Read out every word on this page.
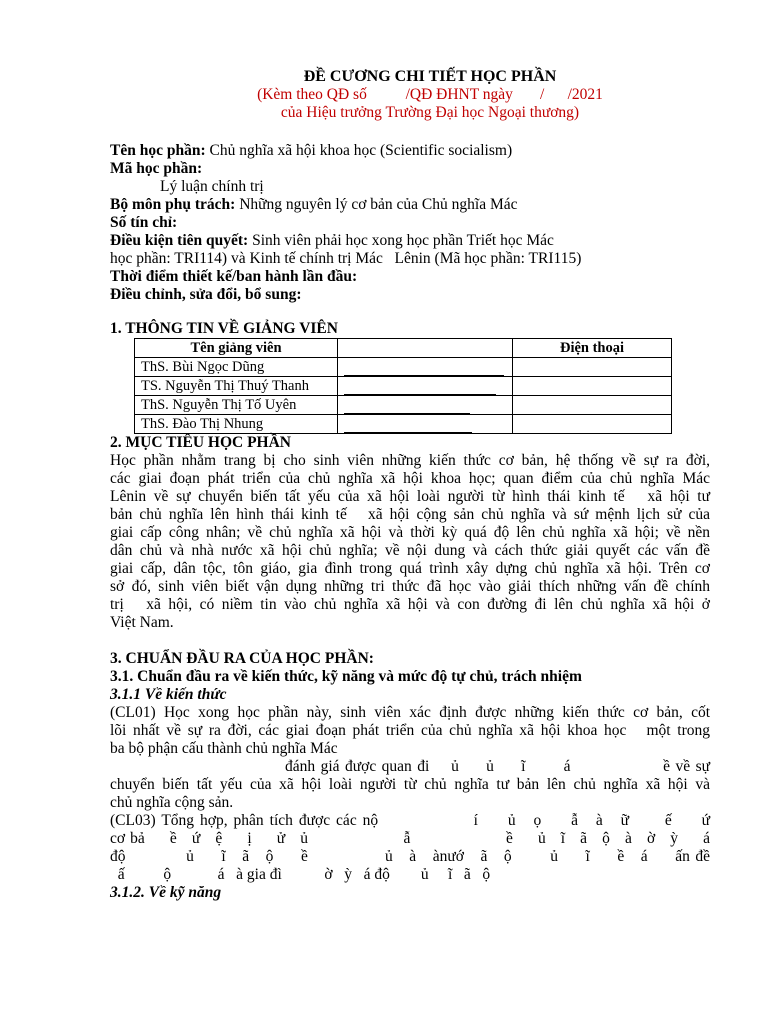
ĐỀ CƯƠNG CHI TIẾT HỌC PHẦN
(Kèm theo QĐ số          /QĐ ĐHNT ngày       /      /2021
của Hiệu trưởng Trường Đại học Ngoại thương)
Tên học phần: Chủ nghĩa xã hội khoa học (Scientific socialism)
Mã học phần:
Lý luận chính trị
Bộ môn phụ trách: Những nguyên lý cơ bản của Chủ nghĩa Mác
Số tín chỉ:
Điều kiện tiên quyết: Sinh viên phải học xong học phần Triết học Mác
học phần: TRI114) và Kinh tế chính trị Mác   Lênin (Mã học phần: TRI115)
Thời điểm thiết kế/ban hành lần đầu:
Điều chỉnh, sửa đổi, bổ sung:
1. THÔNG TIN VỀ GIẢNG VIÊN
Tên giảng viên		Điện thoại
ThS. Bùi Ngọc Dũng		
TS. Nguyễn Thị Thuý Thanh		
ThS. Nguyễn Thị Tố Uyên		
ThS. Đào Thị Nhung		
2. MỤC TIÊU HỌC PHẦN
Học phần nhằm trang bị cho sinh viên những kiến thức cơ bản, hệ thống về sự ra đời,
các giai đoạn phát triển của chủ nghĩa xã hội khoa học; quan điểm của chủ nghĩa Mác
Lênin về sự chuyển biến tất yếu của xã hội loài người từ hình thái kinh tế   xã hội tư
bản chủ nghĩa lên hình thái kinh tế   xã hội cộng sản chủ nghĩa và sứ mệnh lịch sử của
giai cấp công nhân; về chủ nghĩa xã hội và thời kỳ quá độ lên chủ nghĩa xã hội; về nền
dân chủ và nhà nước xã hội chủ nghĩa; về nội dung và cách thức giải quyết các vấn đề
giai cấp, dân tộc, tôn giáo, gia đình trong quá trình xây dựng chủ nghĩa xã hội. Trên cơ
sở đó, sinh viên biết vận dụng những tri thức đã học vào giải thích những vấn đề chính
trị   xã hội, có niềm tin vào chủ nghĩa xã hội và con đường đi lên chủ nghĩa xã hội ở
Việt Nam.
3. CHUẨN ĐẦU RA CỦA HỌC PHẦN:
3.1. Chuẩn đầu ra về kiến thức, kỹ năng và mức độ tự chủ, trách nhiệm
3.1.1 Về kiến thức
(CL01) Học xong học phần này, sinh viên xác định được những kiến thức cơ bản, cốt
lõi nhất về sự ra đời, các giai đoạn phát triển của chủ nghĩa xã hội khoa học   một trong
ba bộ phận cấu thành chủ nghĩa Mác
đánh giá được quan đi    ủ     ủ     ĩ       á                 ề về sự
chuyển biến tất yếu của xã hội loài người từ chủ nghĩa tư bản lên chủ nghĩa xã hội và
chủ nghĩa cộng sản.
(CL03) Tổng hợp, phân tích được các nộ                í     ủ   ọ     ẫ   à   ữ      ế     ứ
cơ bả     ề   ứ   ệ     ị     ử   ủ                   ẫ                   ề     ủ   ĩ   ã   ộ   à   ờ   ỳ     á
độ           ủ     ĩ   ã   ộ     ề              ủ   à   ànướ   ã   ộ       ủ     ĩ     ề   á     ấn đề
ấ          ộ            á   à gia đì           ờ   ỳ   á độ        ủ     ĩ   ã   ộ
3.1.2. Về kỹ năng
